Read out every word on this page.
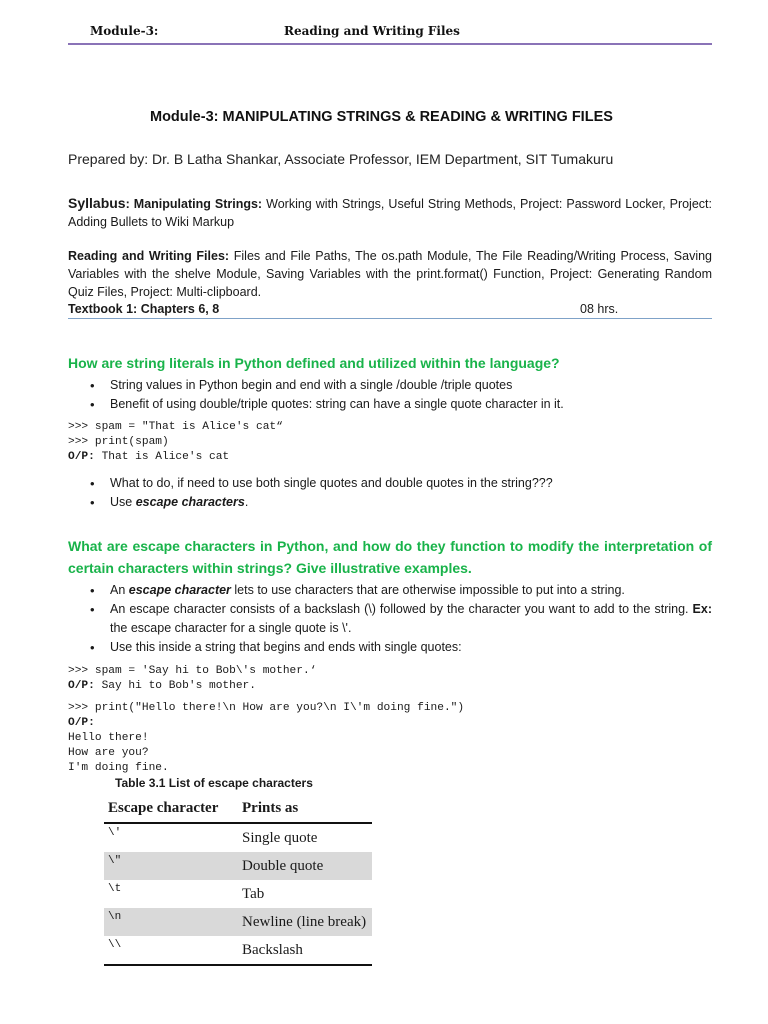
Module-3:	Reading and Writing Files
Module-3: MANIPULATING STRINGS & READING & WRITING FILES
Prepared by: Dr. B Latha Shankar, Associate Professor, IEM Department, SIT Tumakuru
Syllabus: Manipulating Strings: Working with Strings, Useful String Methods, Project: Password Locker, Project: Adding Bullets to Wiki Markup
Reading and Writing Files: Files and File Paths, The os.path Module, The File Reading/Writing Process, Saving Variables with the shelve Module, Saving Variables with the print.format() Function, Project: Generating Random Quiz Files, Project: Multi-clipboard.
Textbook 1: Chapters 6, 8	08 hrs.
How are string literals in Python defined and utilized within the language?
• String values in Python begin and end with a single /double /triple quotes
• Benefit of using double/triple quotes: string can have a single quote character in it.
>>> spam = "That is Alice's cat“
>>> print(spam)
O/P: That is Alice's cat
• What to do, if need to use both single quotes and double quotes in the string???
• Use escape characters.
What are escape characters in Python, and how do they function to modify the interpretation of certain characters within strings? Give illustrative examples.
• An escape character lets to use characters that are otherwise impossible to put into a string.
• An escape character consists of a backslash (\) followed by the character you want to add to the string. Ex: the escape character for a single quote is \'.
• Use this inside a string that begins and ends with single quotes:
>>> spam = 'Say hi to Bob\'s mother.‘
O/P: Say hi to Bob's mother.
>>> print("Hello there!\n How are you?\n I\'m doing fine.")
O/P:
Hello there!
How are you?
I'm doing fine.
Table 3.1 List of escape characters
Escape character	Prints as
\'	Single quote
\"	Double quote
\t	Tab
\n	Newline (line break)
\\	Backslash
